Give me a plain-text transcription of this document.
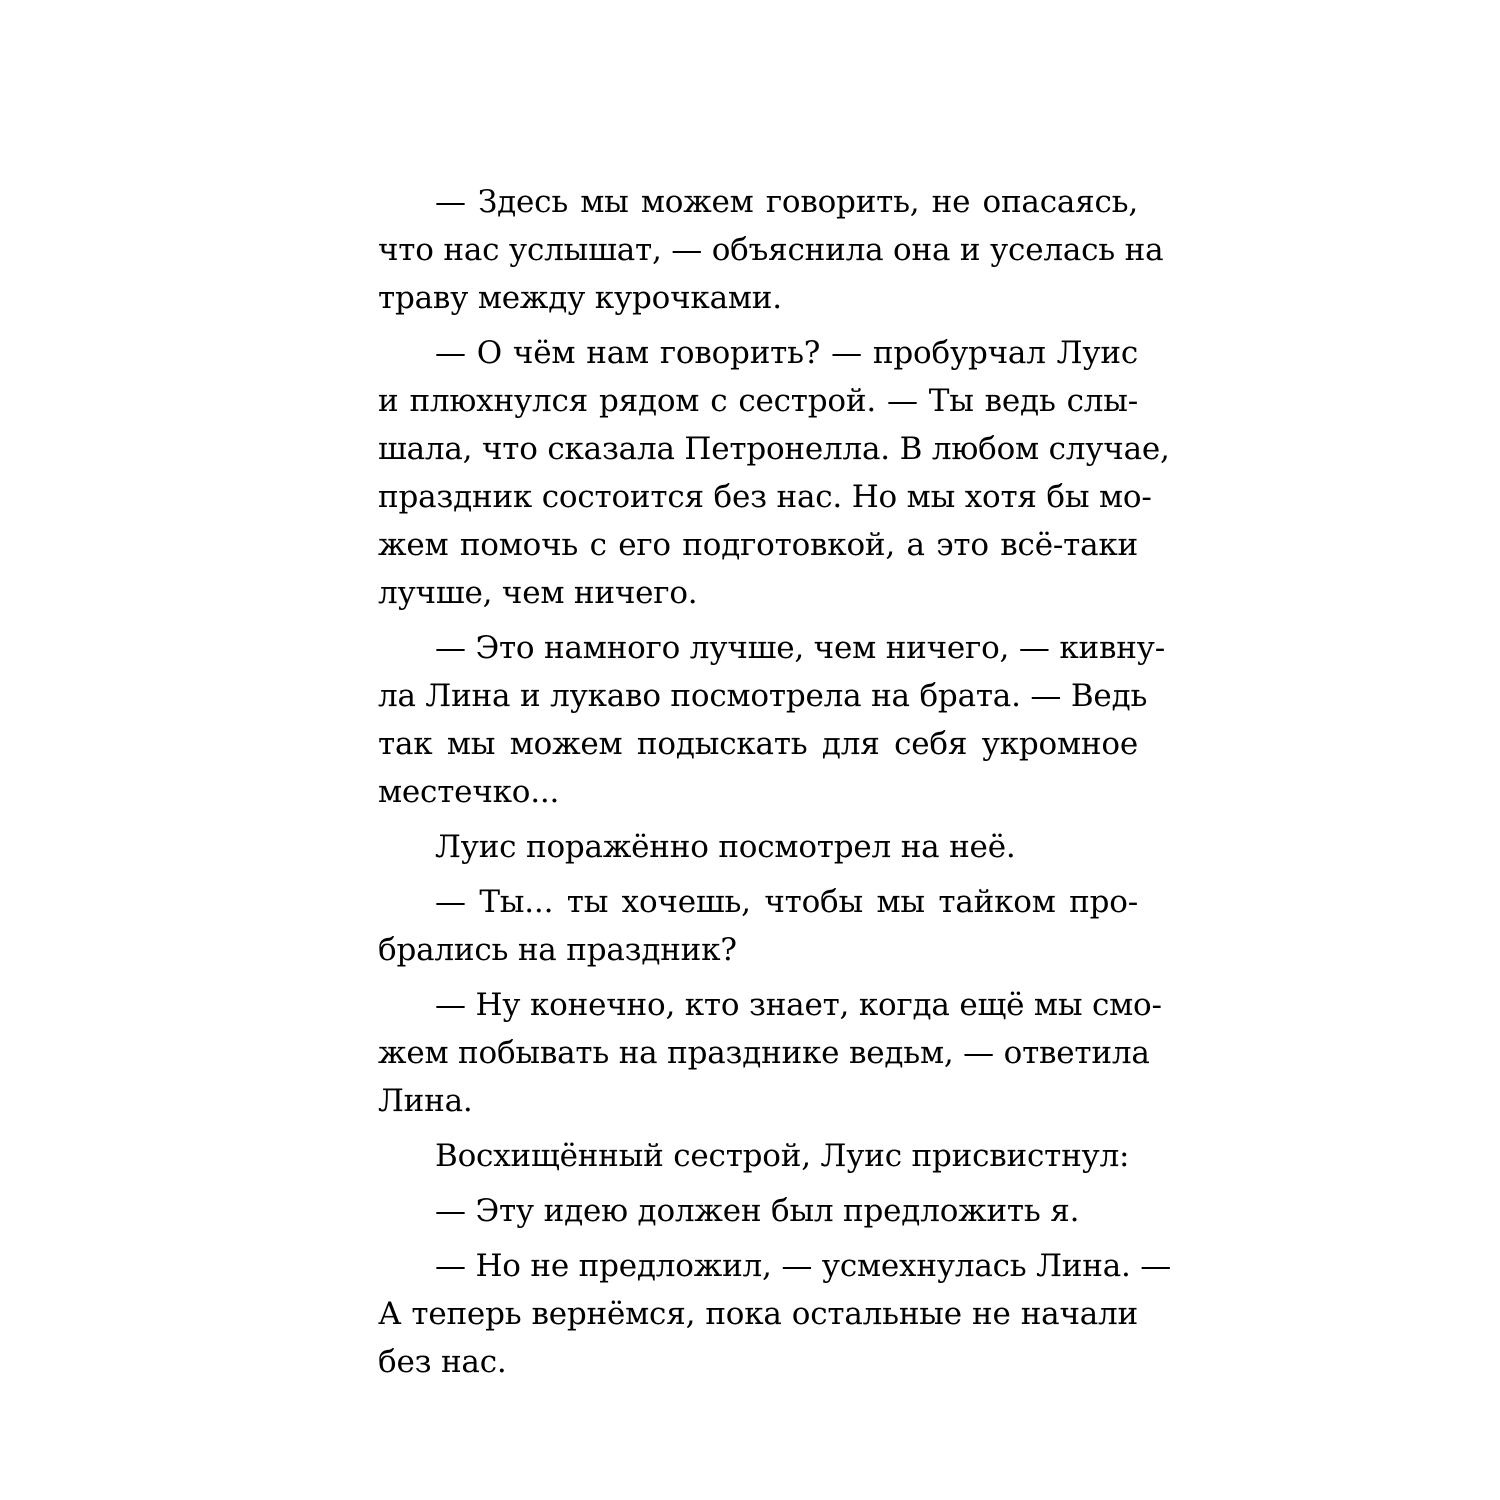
— Здесь мы можем говорить, не опасаясь,
что нас услышат, — объяснила она и уселась на
траву между курочками.
— О чём нам говорить? — пробурчал Луис
и плюхнулся рядом с сестрой. — Ты ведь слы-
шала, что сказала Петронелла. В любом случае,
праздник состоится без нас. Но мы хотя бы мо-
жем помочь с его подготовкой, а это всё-таки
лучше, чем ничего.
— Это намного лучше, чем ничего, — кивну-
ла Лина и лукаво посмотрела на брата. — Ведь
так мы можем подыскать для себя укромное
местечко...
Луис поражённо посмотрел на неё.
— Ты... ты хочешь, чтобы мы тайком про-
брались на праздник?
— Ну конечно, кто знает, когда ещё мы смо-
жем побывать на празднике ведьм, — ответила
Лина.
Восхищённый сестрой, Луис присвистнул:
— Эту идею должен был предложить я.
— Но не предложил, — усмехнулась Лина. —
А теперь вернёмся, пока остальные не начали
без нас.
